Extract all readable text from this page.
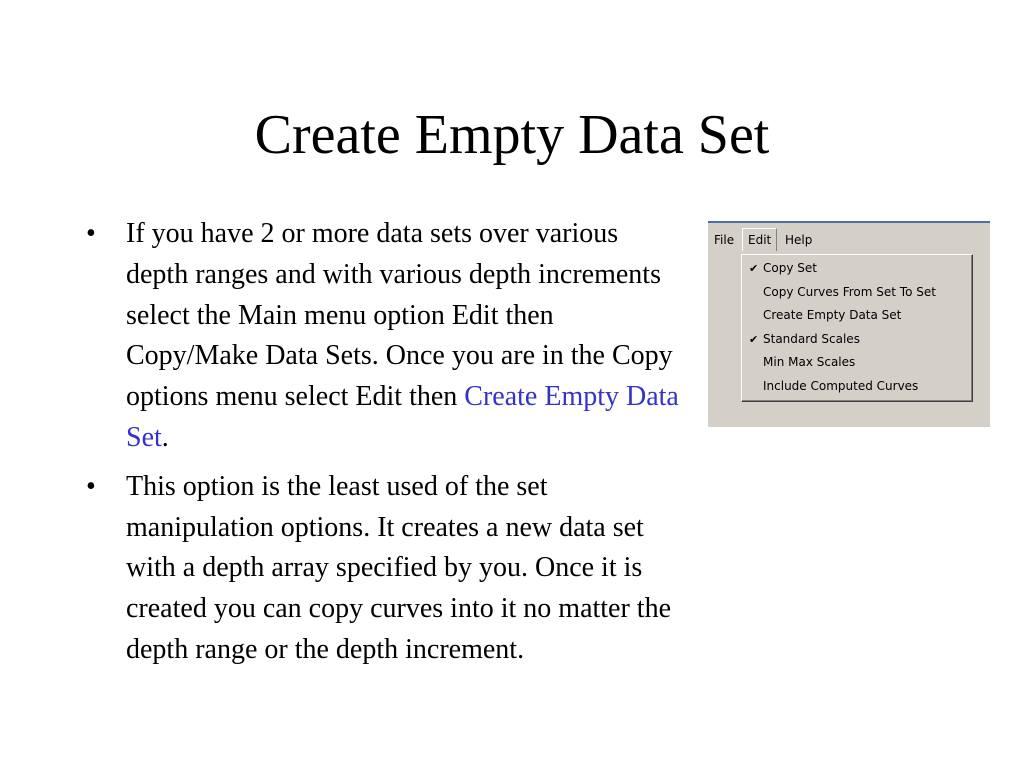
Create Empty Data Set
•	If you have 2 or more data sets over various depth ranges and with various depth increments select the Main menu option Edit then Copy/Make Data Sets. Once you are in the Copy options menu select Edit then Create Empty Data Set.
•	This option is the least used of the set manipulation options. It creates a new data set with a depth array specified by you. Once it is created you can copy curves into it no matter the depth range or the depth increment.
File	Edit	Help
✔ Copy Set
Copy Curves From Set To Set
Create Empty Data Set
✔ Standard Scales
Min Max Scales
Include Computed Curves
